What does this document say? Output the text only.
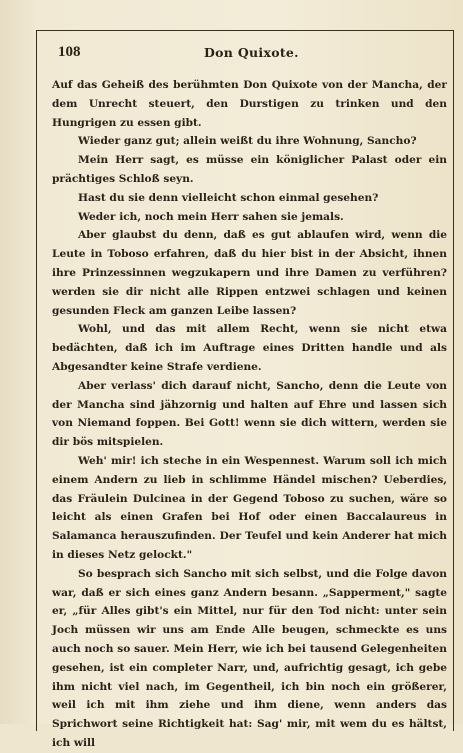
108	Don Quixote.

Auf das Geheiß des berühmten Don Quixote von der Mancha, der dem Unrecht steuert, den Durstigen zu trinken und den Hungrigen zu essen gibt.

Wieder ganz gut; allein weißt du ihre Wohnung, Sancho?

Mein Herr sagt, es müsse ein königlicher Palast oder ein prächtiges Schloß seyn.

Hast du sie denn vielleicht schon einmal gesehen?

Weder ich, noch mein Herr sahen sie jemals.

Aber glaubst du denn, daß es gut ablaufen wird, wenn die Leute in Toboso erfahren, daß du hier bist in der Absicht, ihnen ihre Prinzessinnen wegzukapern und ihre Damen zu verführen? werden sie dir nicht alle Rippen entzwei schlagen und keinen gesunden Fleck am ganzen Leibe lassen?

Wohl, und das mit allem Recht, wenn sie nicht etwa bedächten, daß ich im Auftrage eines Dritten handle und als Abgesandter keine Strafe verdiene.

Aber verlass' dich darauf nicht, Sancho, denn die Leute von der Mancha sind jähzornig und halten auf Ehre und lassen sich von Niemand foppen. Bei Gott! wenn sie dich wittern, werden sie dir bös mitspielen.

Weh' mir! ich steche in ein Wespennest. Warum soll ich mich einem Andern zu lieb in schlimme Händel mischen? Ueberdies, das Fräulein Dulcinea in der Gegend Toboso zu suchen, wäre so leicht als einen Grafen bei Hof oder einen Baccalaureus in Salamanca herauszufinden. Der Teufel und kein Anderer hat mich in dieses Netz gelockt."

So besprach sich Sancho mit sich selbst, und die Folge davon war, daß er sich eines ganz Andern besann. „Sapperment," sagte er, „für Alles gibt's ein Mittel, nur für den Tod nicht: unter sein Joch müssen wir uns am Ende Alle beugen, schmeckte es uns auch noch so sauer. Mein Herr, wie ich bei tausend Gelegenheiten gesehen, ist ein completer Narr, und, aufrichtig gesagt, ich gebe ihm nicht viel nach, im Gegentheil, ich bin noch ein größerer, weil ich mit ihm ziehe und ihm diene, wenn anders das Sprichwort seine Richtigkeit hat: Sag' mir, mit wem du es hältst, ich will
